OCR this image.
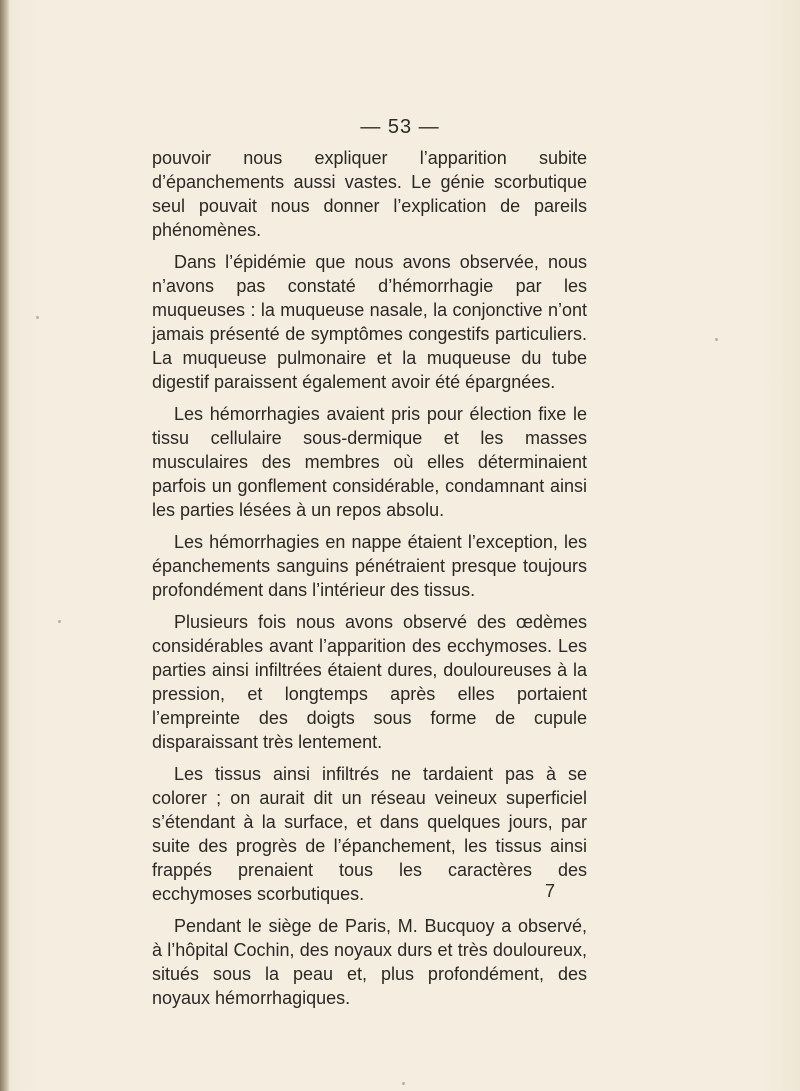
— 53 —

pouvoir nous expliquer l’apparition subite d’épanchements aussi vastes. Le génie scorbutique seul pouvait nous donner l’explication de pareils phénomènes.

Dans l’épidémie que nous avons observée, nous n’avons pas constaté d’hémorrhagie par les muqueuses : la muqueuse nasale, la conjonctive n’ont jamais présenté de symptômes congestifs particuliers. La muqueuse pulmonaire et la muqueuse du tube digestif paraissent également avoir été épargnées.

Les hémorrhagies avaient pris pour élection fixe le tissu cellulaire sous-dermique et les masses musculaires des membres où elles déterminaient parfois un gonflement considérable, condamnant ainsi les parties lésées à un repos absolu.

Les hémorrhagies en nappe étaient l’exception, les épanchements sanguins pénétraient presque toujours profondément dans l’intérieur des tissus.

Plusieurs fois nous avons observé des œdèmes considérables avant l’apparition des ecchymoses. Les parties ainsi infiltrées étaient dures, douloureuses à la pression, et longtemps après elles portaient l’empreinte des doigts sous forme de cupule disparaissant très lentement.

Les tissus ainsi infiltrés ne tardaient pas à se colorer ; on aurait dit un réseau veineux superficiel s’étendant à la surface, et dans quelques jours, par suite des progrès de l’épanchement, les tissus ainsi frappés prenaient tous les caractères des ecchymoses scorbutiques.

Pendant le siège de Paris, M. Bucquoy a observé, à l’hôpital Cochin, des noyaux durs et très douloureux, situés sous la peau et, plus profondément, des noyaux hémorrhagiques.

7
